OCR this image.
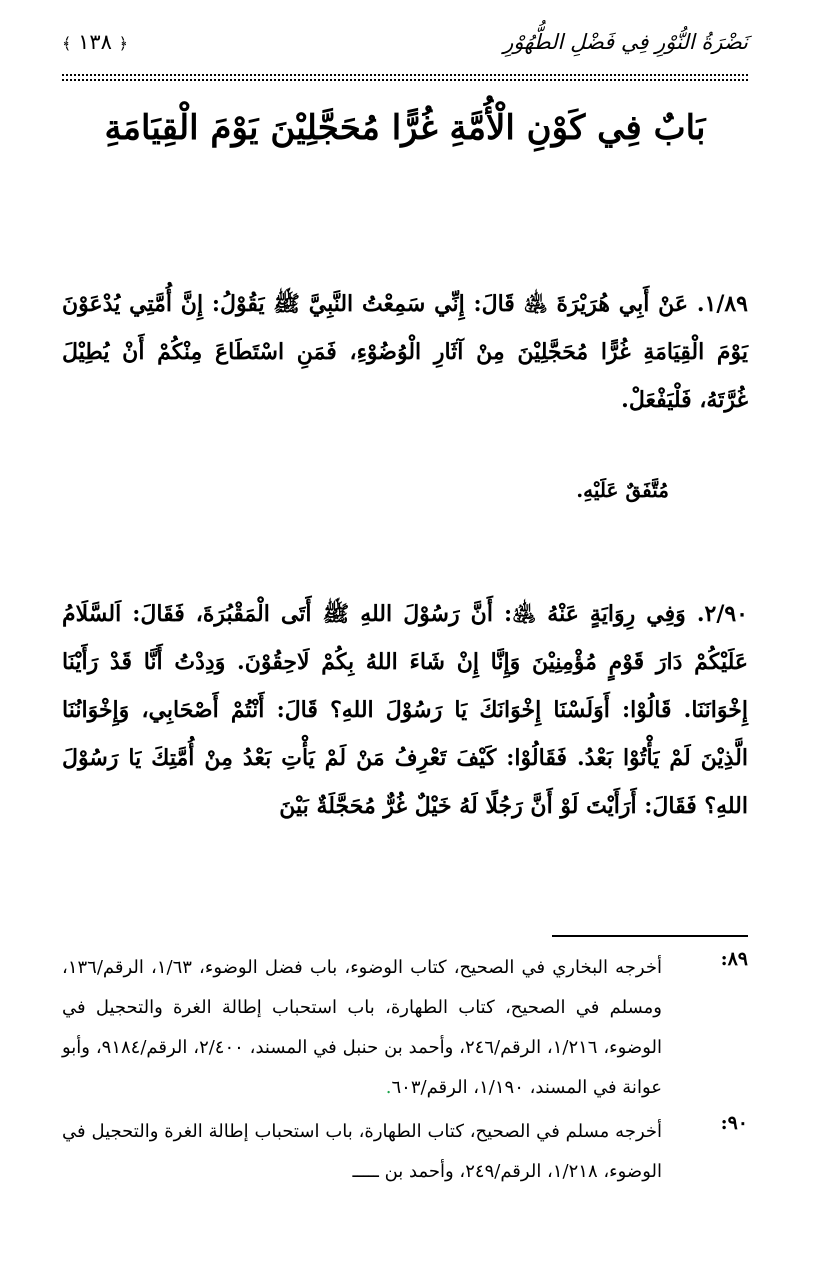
نَضْرَةُ النُّوْرِ فِي فَضْلِ الطُّهُوْرِ
﴿ ١٣٨ ﴾
بَابٌ فِي كَوْنِ الْأُمَّةِ غُرًّا مُحَجَّلِيْنَ يَوْمَ الْقِيَامَةِ
١/٨٩. عَنْ أَبِي هُرَيْرَةَ ﵁ قَالَ: إِنِّي سَمِعْتُ النَّبِيَّ ﷺ يَقُوْلُ: إِنَّ أُمَّتِي يُدْعَوْنَ يَوْمَ الْقِيَامَةِ غُرًّا مُحَجَّلِيْنَ مِنْ آثَارِ الْوُضُوْءِ، فَمَنِ اسْتَطَاعَ مِنْكُمْ أَنْ يُطِيْلَ غُرَّتَهُ، فَلْيَفْعَلْ.
مُتَّفَقٌ عَلَيْهِ.
٢/٩٠. وَفِي رِوَايَةٍ عَنْهُ ﵁: أَنَّ رَسُوْلَ اللهِ ﷺ أَتَى الْمَقْبُرَةَ، فَقَالَ: اَلسَّلَامُ عَلَيْكُمْ دَارَ قَوْمٍ مُؤْمِنِيْنَ وَإِنَّا إِنْ شَاءَ اللهُ بِكُمْ لَاحِقُوْنَ. وَدِدْتُ أَنَّا قَدْ رَأَيْنَا إِخْوَانَنَا. قَالُوْا: أَوَلَسْنَا إِخْوَانَكَ يَا رَسُوْلَ اللهِ؟ قَالَ: أَنْتُمْ أَصْحَابِي، وَإِخْوَانُنَا الَّذِيْنَ لَمْ يَأْتُوْا بَعْدُ. فَقَالُوْا: كَيْفَ تَعْرِفُ مَنْ لَمْ يَأْتِ بَعْدُ مِنْ أُمَّتِكَ يَا رَسُوْلَ اللهِ؟ فَقَالَ: أَرَأَيْتَ لَوْ أَنَّ رَجُلًا لَهُ خَيْلٌ غُرٌّ مُحَجَّلَةٌ بَيْنَ
٨٩:
أخرجه البخاري في الصحيح، كتاب الوضوء، باب فضل الوضوء، ١/٦٣، الرقم/١٣٦، ومسلم في الصحيح، كتاب الطهارة، باب استحباب إطالة الغرة والتحجيل في الوضوء، ١/٢١٦، الرقم/٢٤٦، وأحمد بن حنبل في المسند، ٢/٤٠٠، الرقم/٩١٨٤، وأبو عوانة في المسند، ١/١٩٠، الرقم/٦٠٣.
٩٠:
أخرجه مسلم في الصحيح، كتاب الطهارة، باب استحباب إطالة الغرة والتحجيل في الوضوء، ١/٢١٨، الرقم/٢٤٩، وأحمد بن ـــــ
